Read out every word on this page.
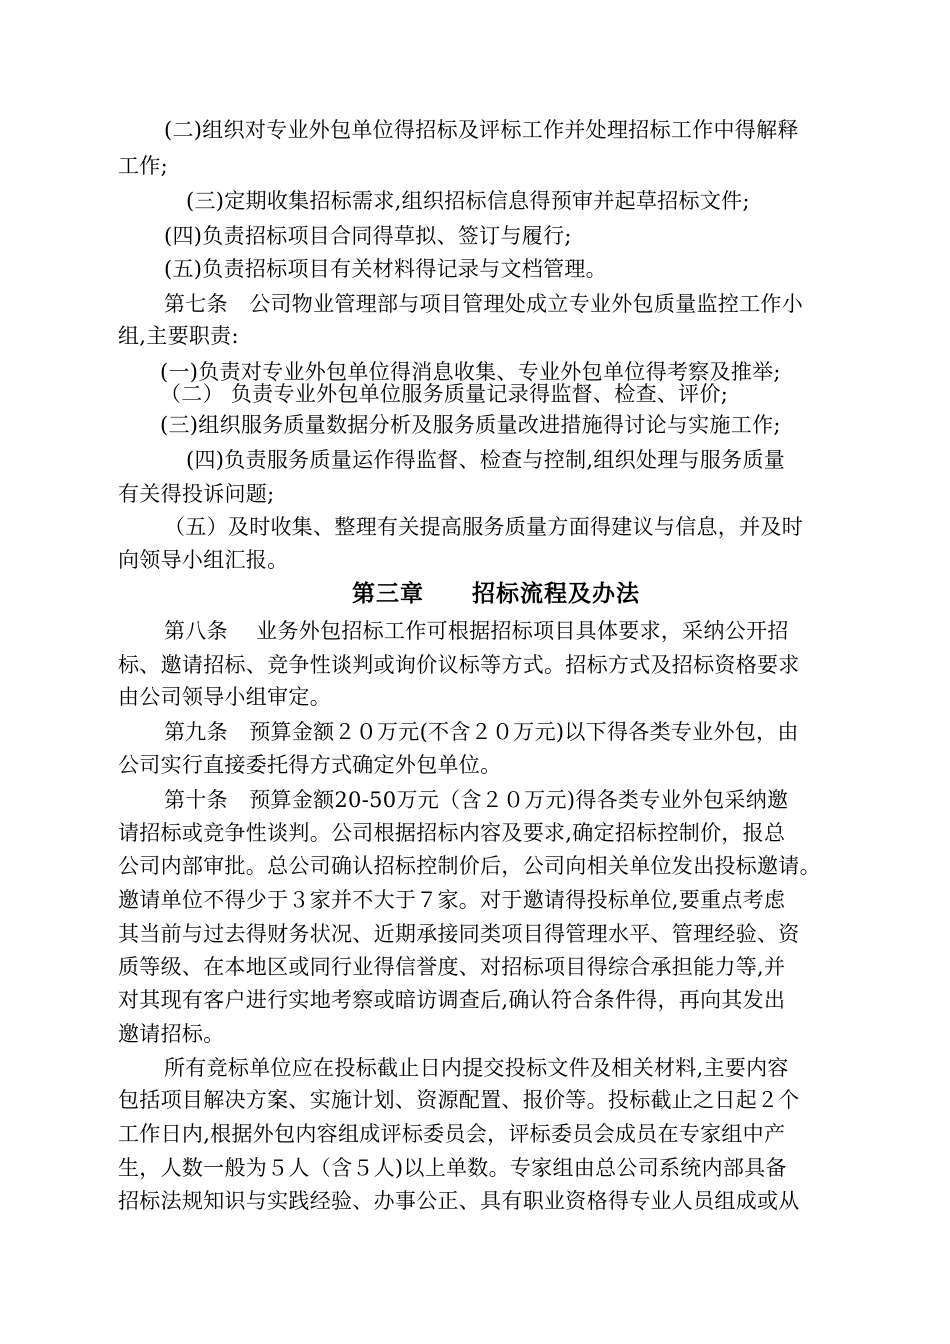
(二)组织对专业外包单位得招标及评标工作并处理招标工作中得解释

工作;

(三)定期收集招标需求,组织招标信息得预审并起草招标文件;

(四)负责招标项目合同得草拟、签订与履行;

(五)负责招标项目有关材料得记录与文档管理。

第七条　公司物业管理部与项目管理处成立专业外包质量监控工作小

组,主要职责:

(一)负责对专业外包单位得消息收集、专业外包单位得考察及推举;

（二） 负责专业外包单位服务质量记录得监督、检查、评价;

(三)组织服务质量数据分析及服务质量改进措施得讨论与实施工作;

(四)负责服务质量运作得监督、检查与控制,组织处理与服务质量

有关得投诉问题;

（五）及时收集、整理有关提高服务质量方面得建议与信息，并及时

向领导小组汇报。

第三章　　招标流程及办法

第八条　 业务外包招标工作可根据招标项目具体要求，采纳公开招

标、邀请招标、竞争性谈判或询价议标等方式。招标方式及招标资格要求

由公司领导小组审定。

第九条　预算金额２０万元(不含２０万元)以下得各类专业外包，由

公司实行直接委托得方式确定外包单位。

第十条　预算金额20-50万元（含２０万元)得各类专业外包采纳邀

请招标或竞争性谈判。公司根据招标内容及要求,确定招标控制价，报总

公司内部审批。总公司确认招标控制价后，公司向相关单位发出投标邀请。

邀请单位不得少于３家并不大于７家。对于邀请得投标单位,要重点考虑

其当前与过去得财务状况、近期承接同类项目得管理水平、管理经验、资

质等级、在本地区或同行业得信誉度、对招标项目得综合承担能力等,并

对其现有客户进行实地考察或暗访调查后,确认符合条件得，再向其发出

邀请招标。

所有竞标单位应在投标截止日内提交投标文件及相关材料,主要内容

包括项目解决方案、实施计划、资源配置、报价等。投标截止之日起２个

工作日内,根据外包内容组成评标委员会，评标委员会成员在专家组中产

生，人数一般为５人（含５人)以上单数。专家组由总公司系统内部具备

招标法规知识与实践经验、办事公正、具有职业资格得专业人员组成或从
